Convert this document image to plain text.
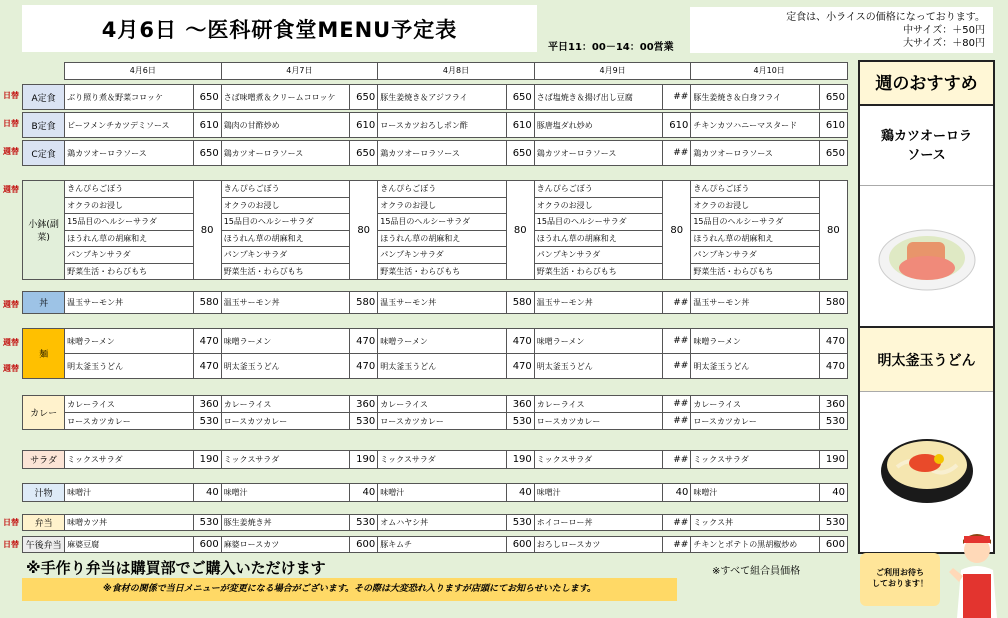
4月6日 ～医科研食堂MENU予定表
平日11：00－14：00営業
定食は、小ライスの価格になっております。
中サイズ：＋50円
大サイズ：＋80円
4月6日	4月7日	4月8日	4月9日	4月10日
A定食	ぶり照り煮＆野菜コロッケ	650	さば味噌煮＆クリームコロッケ	650	豚生姜焼き＆アジフライ	650	さば塩焼き＆揚げ出し豆腐	##	豚生姜焼き＆白身フライ	650
日替
B定食	ビーフメンチカツデミソース	610	鶏肉の甘酢炒め	610	ロースカツおろしポン酢	610	豚唐塩ダれ炒め	610	チキンカツハニーマスタード	610
日替
C定食	鶏カツオーロラソース	650	鶏カツオーロラソース	650	鶏カツオーロラソース	650	鶏カツオーロラソース	##	鶏カツオーロラソース	650
週替
小鉢(副菜)	きんぴらごぼう	80	きんぴらごぼう	80	きんぴらごぼう	80	きんぴらごぼう	80	きんぴらごぼう	80
	オクラのお浸し		オクラのお浸し		オクラのお浸し		オクラのお浸し		オクラのお浸し	
	15品目のヘルシーサラダ		15品目のヘルシーサラダ		15品目のヘルシーサラダ		15品目のヘルシーサラダ		15品目のヘルシーサラダ	
	ほうれん草の胡麻和え		ほうれん草の胡麻和え		ほうれん草の胡麻和え		ほうれん草の胡麻和え		ほうれん草の胡麻和え	
	パンプキンサラダ		パンプキンサラダ		パンプキンサラダ		パンプキンサラダ		パンプキンサラダ	
	野菜生活・わらびもち		野菜生活・わらびもち		野菜生活・わらびもち		野菜生活・わらびもち		野菜生活・わらびもち	
週替
丼	温玉サーモン丼	580	温玉サーモン丼	580	温玉サーモン丼	580	温玉サーモン丼	##	温玉サーモン丼	580
週替
麺	味噌ラーメン	470	味噌ラーメン	470	味噌ラーメン	470	味噌ラーメン	##	味噌ラーメン	470
	明太釜玉うどん	470	明太釜玉うどん	470	明太釜玉うどん	470	明太釜玉うどん	##	明太釜玉うどん	470
週替
週替
カレー	カレーライス	360	カレーライス	360	カレーライス	360	カレーライス	##	カレーライス	360
	ロースカツカレー	530	ロースカツカレー	530	ロースカツカレー	530	ロースカツカレー	##	ロースカツカレー	530
サラダ	ミックスサラダ	190	ミックスサラダ	190	ミックスサラダ	190	ミックスサラダ	##	ミックスサラダ	190
汁物	味噌汁	40	味噌汁	40	味噌汁	40	味噌汁	40	味噌汁	40
弁当	味噌カツ丼	530	豚生姜焼き丼	530	オムハヤシ丼	530	ホイコーロー丼	##	ミックス丼	530
日替
午後弁当	麻婆豆腐	600	麻婆ロースカツ	600	豚キムチ	600	おろしロースカツ	##	チキンとポテトの黒胡椒炒め	600
日替
週のおすすめ
鶏カツオーロラ
ソース
明太釜玉うどん
※手作り弁当は購買部でご購入いただけます
※食材の関係で当日メニューが変更になる場合がございます。その際は大変恐れ入りますが店頭にてお知らせいたします。
※すべて組合員価格	ご利用お待ち
しております！
